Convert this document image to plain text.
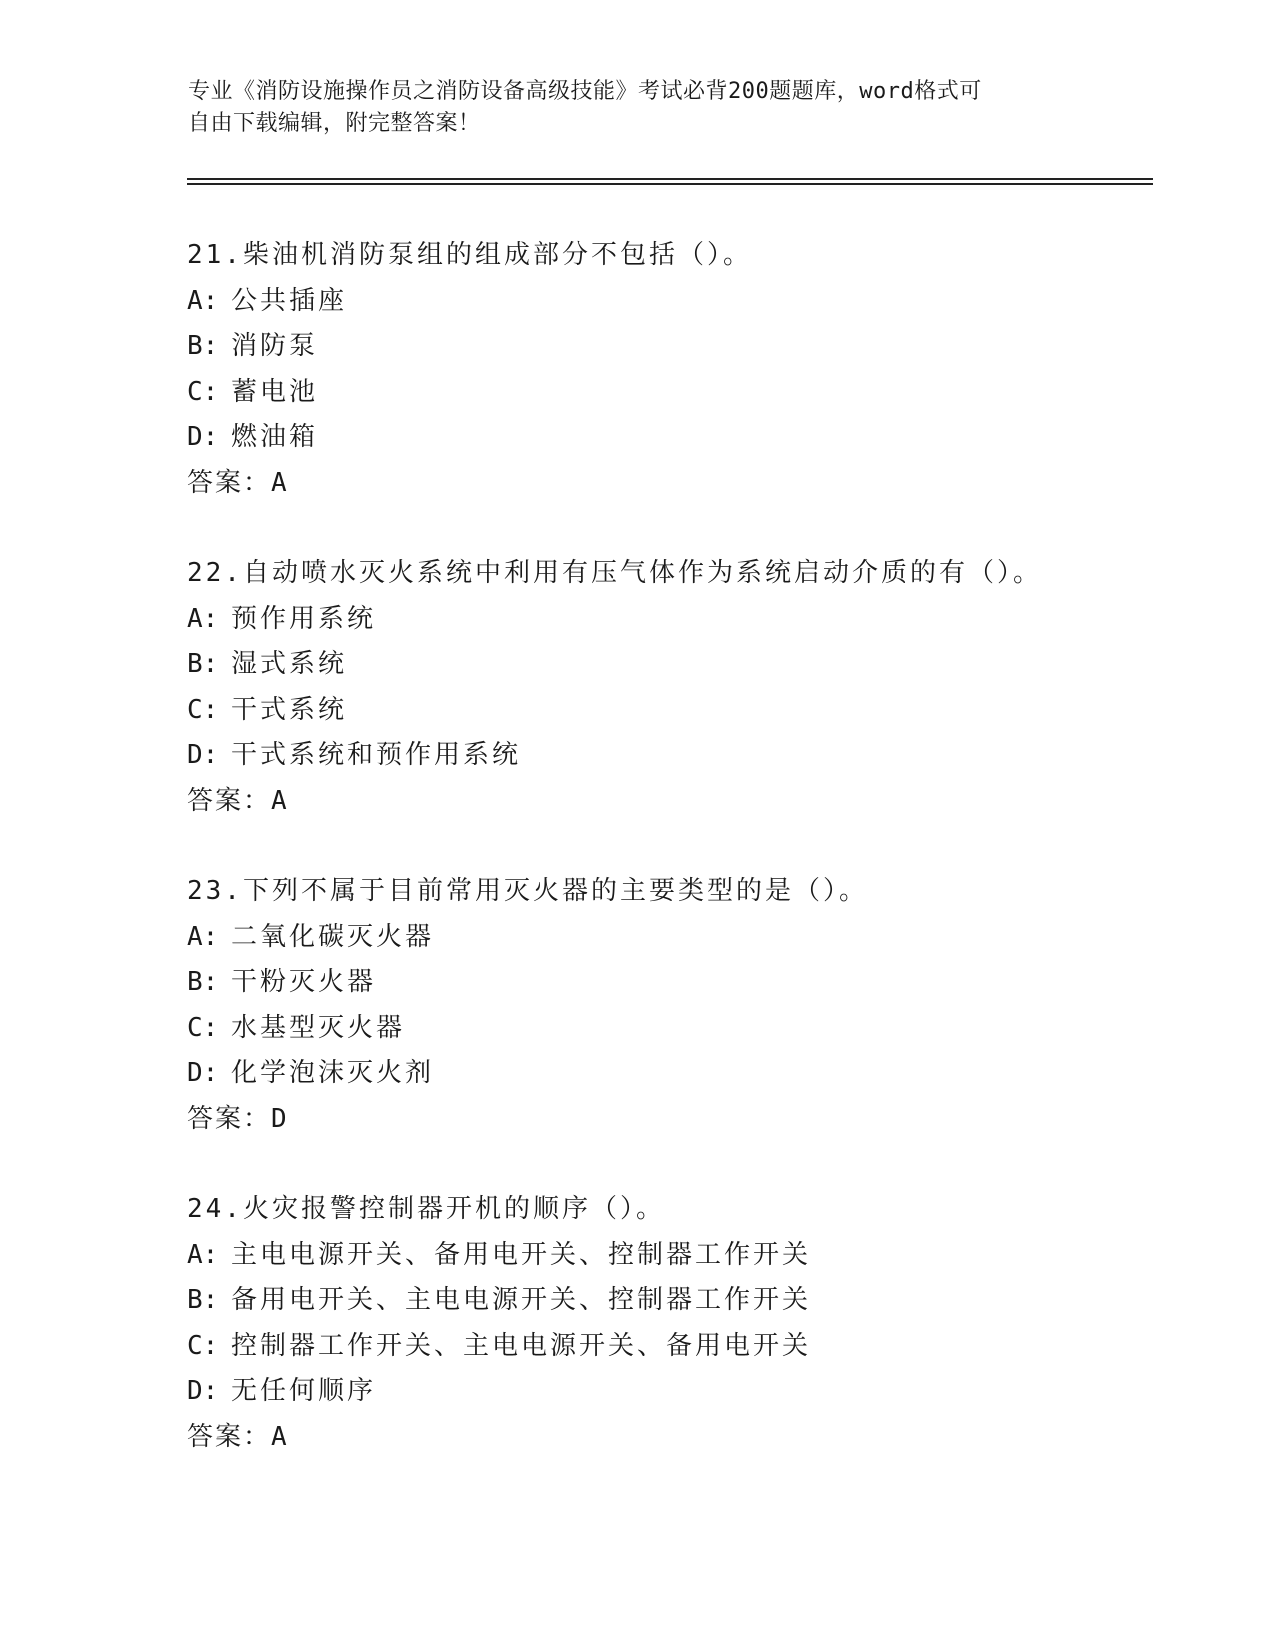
专业《消防设施操作员之消防设备高级技能》考试必背200题题库，word格式可
自由下载编辑，附完整答案！
21.柴油机消防泵组的组成部分不包括（）。
A: 公共插座
B: 消防泵
C: 蓄电池
D: 燃油箱
答案：A
22.自动喷水灭火系统中利用有压气体作为系统启动介质的有（）。
A: 预作用系统
B: 湿式系统
C: 干式系统
D: 干式系统和预作用系统
答案：A
23.下列不属于目前常用灭火器的主要类型的是（）。
A: 二氧化碳灭火器
B: 干粉灭火器
C: 水基型灭火器
D: 化学泡沫灭火剂
答案：D
24.火灾报警控制器开机的顺序（）。
A: 主电电源开关、备用电开关、控制器工作开关
B: 备用电开关、主电电源开关、控制器工作开关
C: 控制器工作开关、主电电源开关、备用电开关
D: 无任何顺序
答案：A
